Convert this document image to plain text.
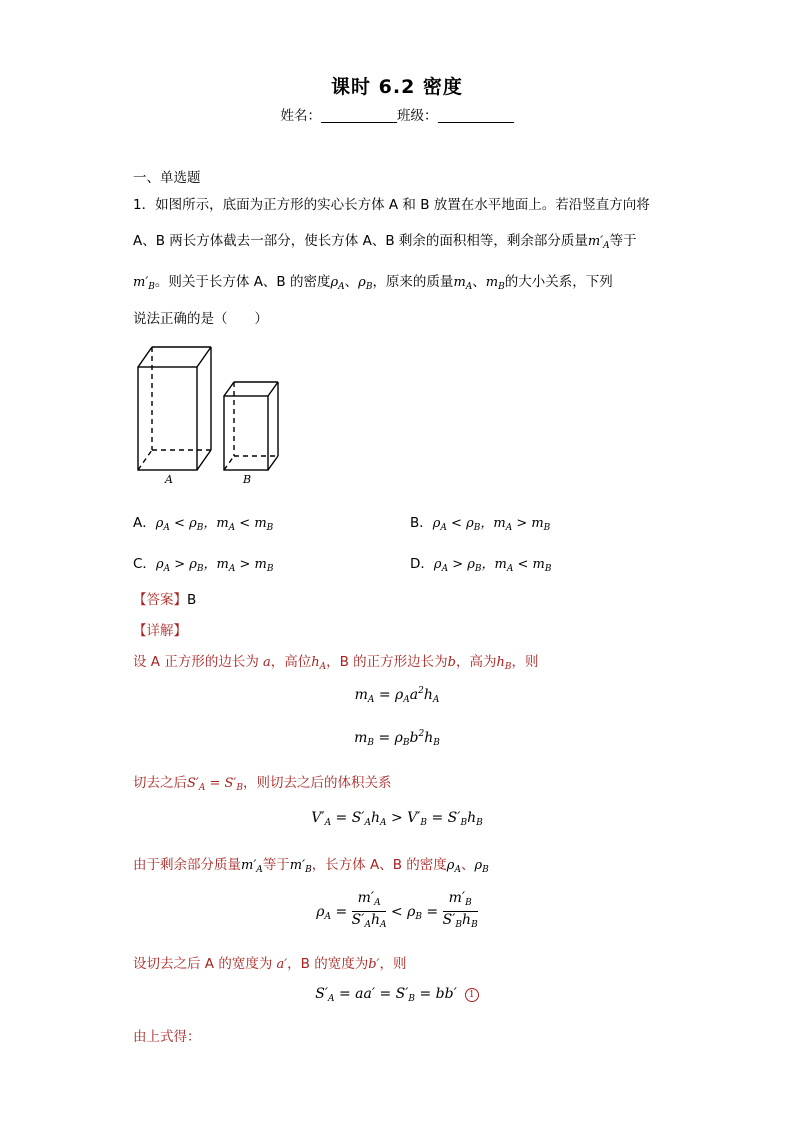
课时 6.2 密度
姓名：	班级：
一、单选题
1．如图所示，底面为正方形的实心长方体 A 和 B 放置在水平地面上。若沿竖直方向将
A、B 两长方体截去一部分，使长方体 A、B 剩余的面积相等，剩余部分质量$m'_A$等于
$m'_B$。则关于长方体 A、B 的密度$\rho_A$、$\rho_B$，原来的质量$m_A$、$m_B$的大小关系，下列
说法正确的是（　　）
A	B
A．$\rho_A < \rho_B$，$m_A < m_B$	B．$\rho_A < \rho_B$，$m_A > m_B$
C．$\rho_A > \rho_B$，$m_A > m_B$	D．$\rho_A > \rho_B$，$m_A < m_B$
【答案】B
【详解】
设 A 正方形的边长为 a，高位$h_A$，B 的正方形边长为b，高为$h_B$，则
$m_A = \rho_Aa^2h_A$
$m_B = \rho_Bb^2h_B$
切去之后$S'_A = S'_B$，则切去之后的体积关系
$V'_A = S'_Ah_A > V'_B = S'_Bh_B$
由于剩余部分质量$m'_A$等于$m'_B$，长方体 A、B 的密度$\rho_A$、$\rho_B$
$\rho_A = \frac{m'_A}{S'_Ah_A} < \rho_B = \frac{m'_B}{S'_Bh_B}$
设切去之后 A 的宽度为 a′，B 的宽度为b′，则
$S'_A = aa' = S'_B = bb'$ 1
由上式得：
